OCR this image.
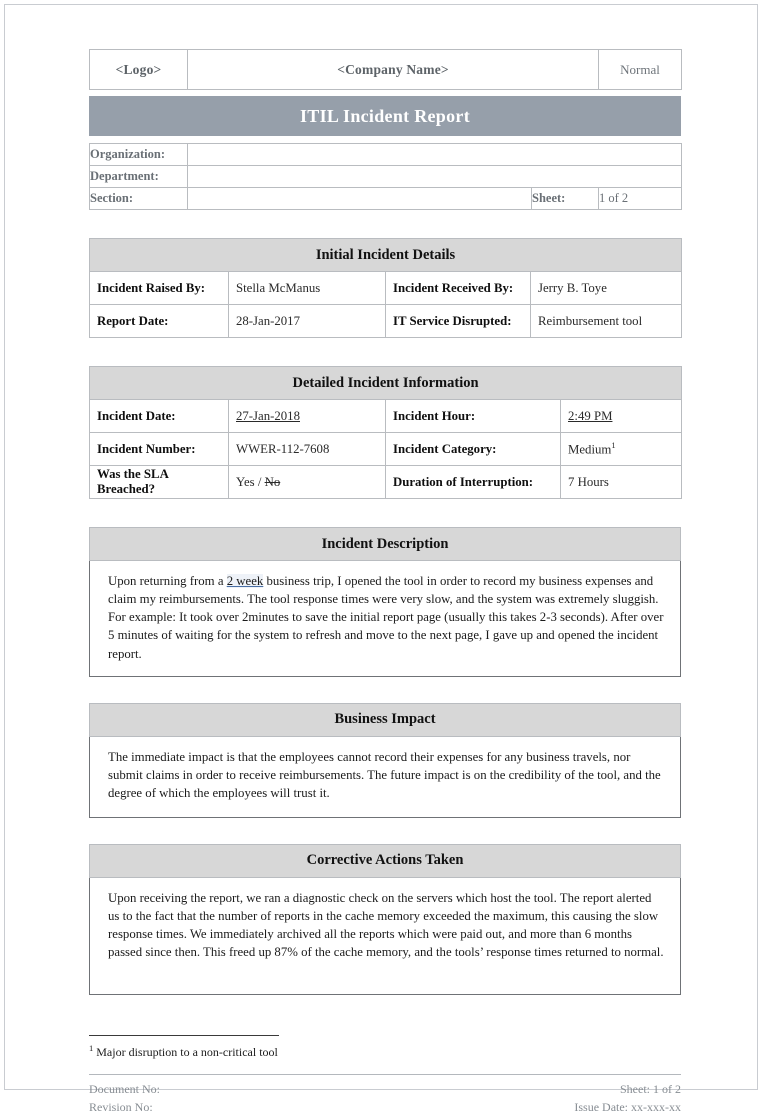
<Logo>	<Company Name>	Normal
ITIL Incident Report
Organization:			
Department:			
Section:		Sheet:	1 of 2
Initial Incident Details			
Incident Raised By:	Stella McManus	Incident Received By:	Jerry B. Toye
Report Date:	28-Jan-2017	IT Service Disrupted:	Reimbursement tool
Detailed Incident Information			
Incident Date:	27-Jan-2018	Incident Hour:	2:49 PM
Incident Number:	WWER-112-7608	Incident Category:	Medium$^1$
Was the SLA Breached?	Yes / No	Duration of Interruption:	7 Hours
Incident Description

Upon returning from a 2 week business trip, I opened the tool in order to record my business expenses and claim my reimbursements. The tool response times were very slow, and the system was extremely sluggish. For example: It took over 2minutes to save the initial report page (usually this takes 2-3 seconds). After over 5 minutes of waiting for the system to refresh and move to the next page, I gave up and opened the incident report.

Business Impact

The immediate impact is that the employees cannot record their expenses for any business travels, nor submit claims in order to receive reimbursements. The future impact is on the credibility of the tool, and the degree of which the employees will trust it.

Corrective Actions Taken

Upon receiving the report, we ran a diagnostic check on the servers which host the tool. The report alerted us to the fact that the number of reports in the cache memory exceeded the maximum, this causing the slow response times. We immediately archived all the reports which were paid out, and more than 6 months passed since then. This freed up 87% of the cache memory, and the tools’ response times returned to normal.

$^1$ Major disruption to a non-critical tool
Document No:
Revision No:
Sheet: 1 of 2
Issue Date: xx-xxx-xx
